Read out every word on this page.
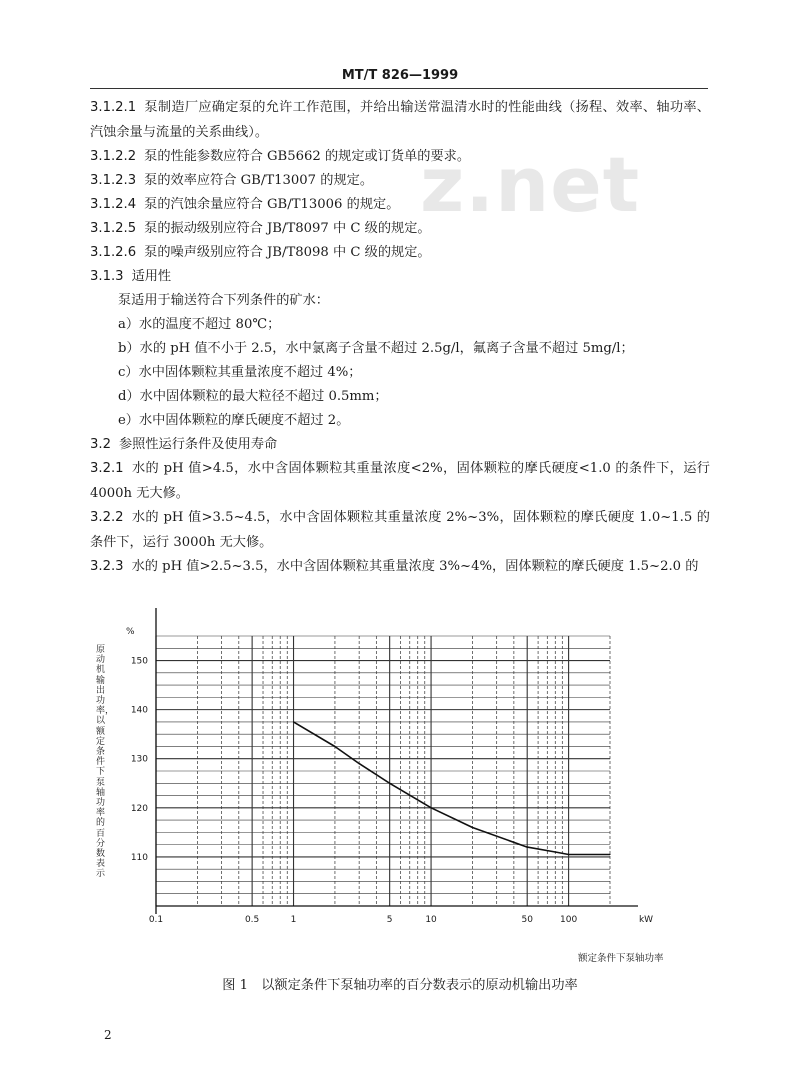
MT/T 826—1999
z.net
3.1.2.1 泵制造厂应确定泵的允许工作范围，并给出输送常温清水时的性能曲线（扬程、效率、轴功率、汽蚀余量与流量的关系曲线）。
3.1.2.2 泵的性能参数应符合 GB5662 的规定或订货单的要求。
3.1.2.3 泵的效率应符合 GB/T13007 的规定。
3.1.2.4 泵的汽蚀余量应符合 GB/T13006 的规定。
3.1.2.5 泵的振动级别应符合 JB/T8097 中 C 级的规定。
3.1.2.6 泵的噪声级别应符合 JB/T8098 中 C 级的规定。
3.1.3 适用性
泵适用于输送符合下列条件的矿水：
a）水的温度不超过 80℃；
b）水的 pH 值不小于 2.5，水中氯离子含量不超过 2.5g/l，氟离子含量不超过 5mg/l；
c）水中固体颗粒其重量浓度不超过 4%；
d）水中固体颗粒的最大粒径不超过 0.5mm；
e）水中固体颗粒的摩氏硬度不超过 2。
3.2 参照性运行条件及使用寿命
3.2.1 水的 pH 值>4.5，水中含固体颗粒其重量浓度<2%，固体颗粒的摩氏硬度<1.0 的条件下，运行 4000h 无大修。
3.2.2 水的 pH 值>3.5~4.5，水中含固体颗粒其重量浓度 2%~3%，固体颗粒的摩氏硬度 1.0~1.5 的条件下，运行 3000h 无大修。
3.2.3 水的 pH 值>2.5~3.5，水中含固体颗粒其重量浓度 3%~4%，固体颗粒的摩氏硬度 1.5~2.0 的
%
110
120
130
140
150
0.1	0.5	1	5	10	50	100	kW
原动机输出功率，以额定条件下泵轴功率的百分数表示
额定条件下泵轴功率
图 1　以额定条件下泵轴功率的百分数表示的原动机输出功率
2
